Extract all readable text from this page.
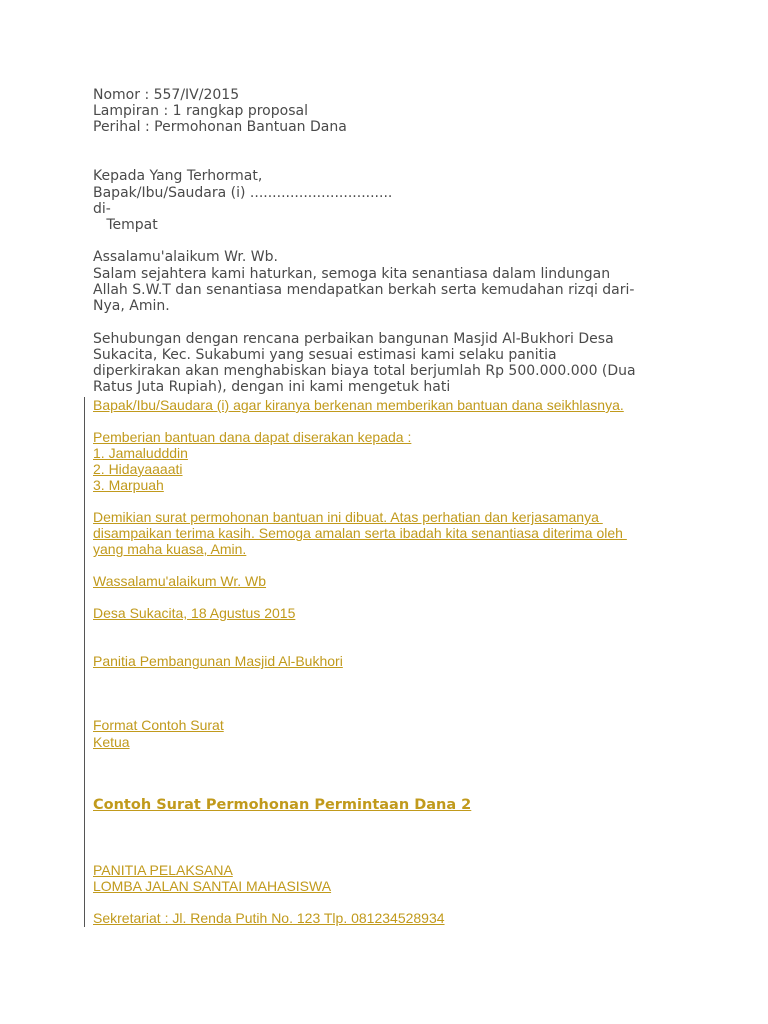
Nomor : 557/IV/2015
Lampiran : 1 rangkap proposal
Perihal : Permohonan Bantuan Dana
Kepada Yang Terhormat,
Bapak/Ibu/Saudara (i) ................................
di-
Tempat
Assalamu'alaikum Wr. Wb.
Salam sejahtera kami haturkan, semoga kita senantiasa dalam lindungan
Allah S.W.T dan senantiasa mendapatkan berkah serta kemudahan rizqi dari-
Nya, Amin.
Sehubungan dengan rencana perbaikan bangunan Masjid Al-Bukhori Desa
Sukacita, Kec. Sukabumi yang sesuai estimasi kami selaku panitia
diperkirakan akan menghabiskan biaya total berjumlah Rp 500.000.000 (Dua
Ratus Juta Rupiah), dengan ini kami mengetuk hati
Bapak/Ibu/Saudara (i) agar kiranya berkenan memberikan bantuan dana seikhlasnya.
Pemberian bantuan dana dapat diserakan kepada :
1. Jamaludddin
2. Hidayaaaati
3. Marpuah
Demikian surat permohonan bantuan ini dibuat. Atas perhatian dan kerjasamanya
disampaikan terima kasih. Semoga amalan serta ibadah kita senantiasa diterima oleh
yang maha kuasa, Amin.
Wassalamu'alaikum Wr. Wb
Desa Sukacita, 18 Agustus 2015
Panitia Pembangunan Masjid Al-Bukhori
Format Contoh Surat
Ketua
Contoh Surat Permohonan Permintaan Dana 2
PANITIA PELAKSANA
LOMBA JALAN SANTAI MAHASISWA
Sekretariat : Jl. Renda Putih No. 123 Tlp. 081234528934
